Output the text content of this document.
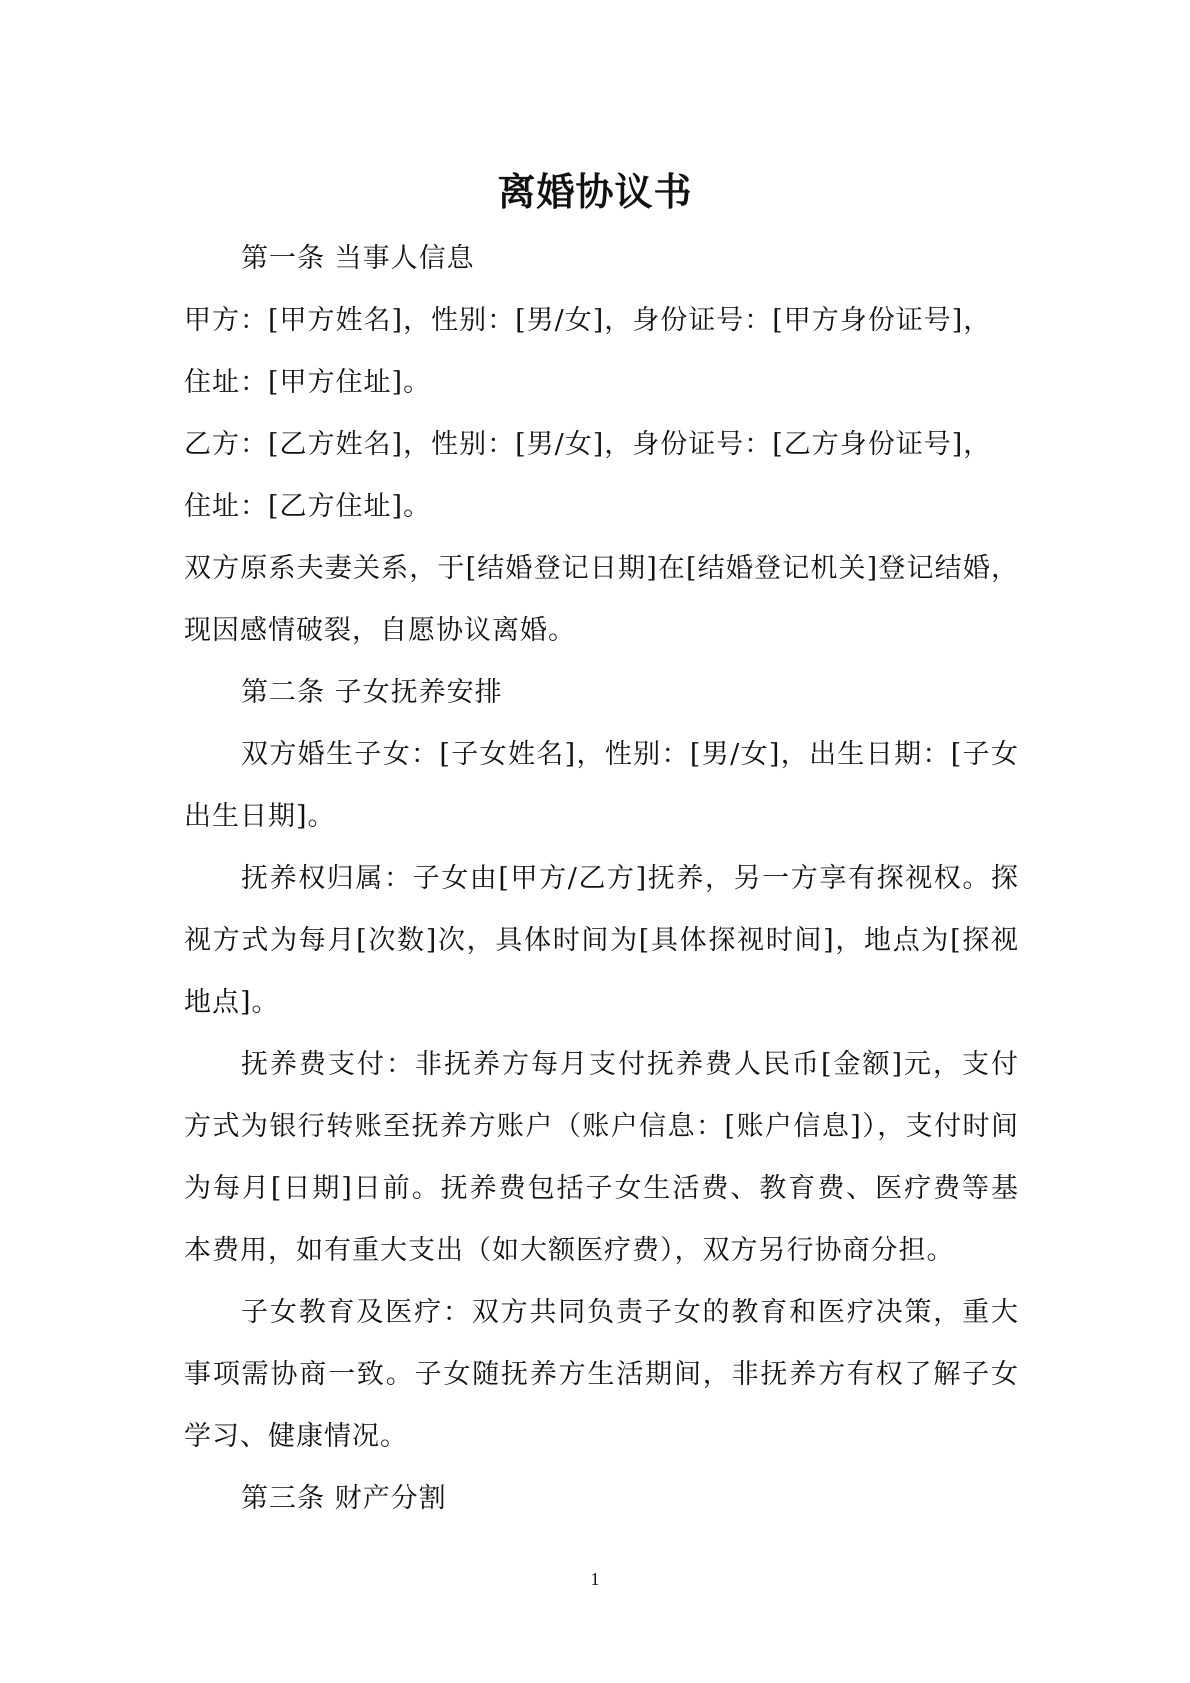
离婚协议书

第一条 当事人信息

甲方：[甲方姓名]，性别：[男/女]，身份证号：[甲方身份证号]，

住址：[甲方住址]。

乙方：[乙方姓名]，性别：[男/女]，身份证号：[乙方身份证号]，

住址：[乙方住址]。

双方原系夫妻关系，于[结婚登记日期]在[结婚登记机关]登记结婚，现因感情破裂，自愿协议离婚。

第二条 子女抚养安排

双方婚生子女：[子女姓名]，性别：[男/女]，出生日期：[子女出生日期]。

抚养权归属：子女由[甲方/乙方]抚养，另一方享有探视权。探视方式为每月[次数]次，具体时间为[具体探视时间]，地点为[探视地点]。

抚养费支付：非抚养方每月支付抚养费人民币[金额]元，支付方式为银行转账至抚养方账户（账户信息：[账户信息]），支付时间为每月[日期]日前。抚养费包括子女生活费、教育费、医疗费等基本费用，如有重大支出（如大额医疗费），双方另行协商分担。

子女教育及医疗：双方共同负责子女的教育和医疗决策，重大事项需协商一致。子女随抚养方生活期间，非抚养方有权了解子女学习、健康情况。

第三条 财产分割

1
